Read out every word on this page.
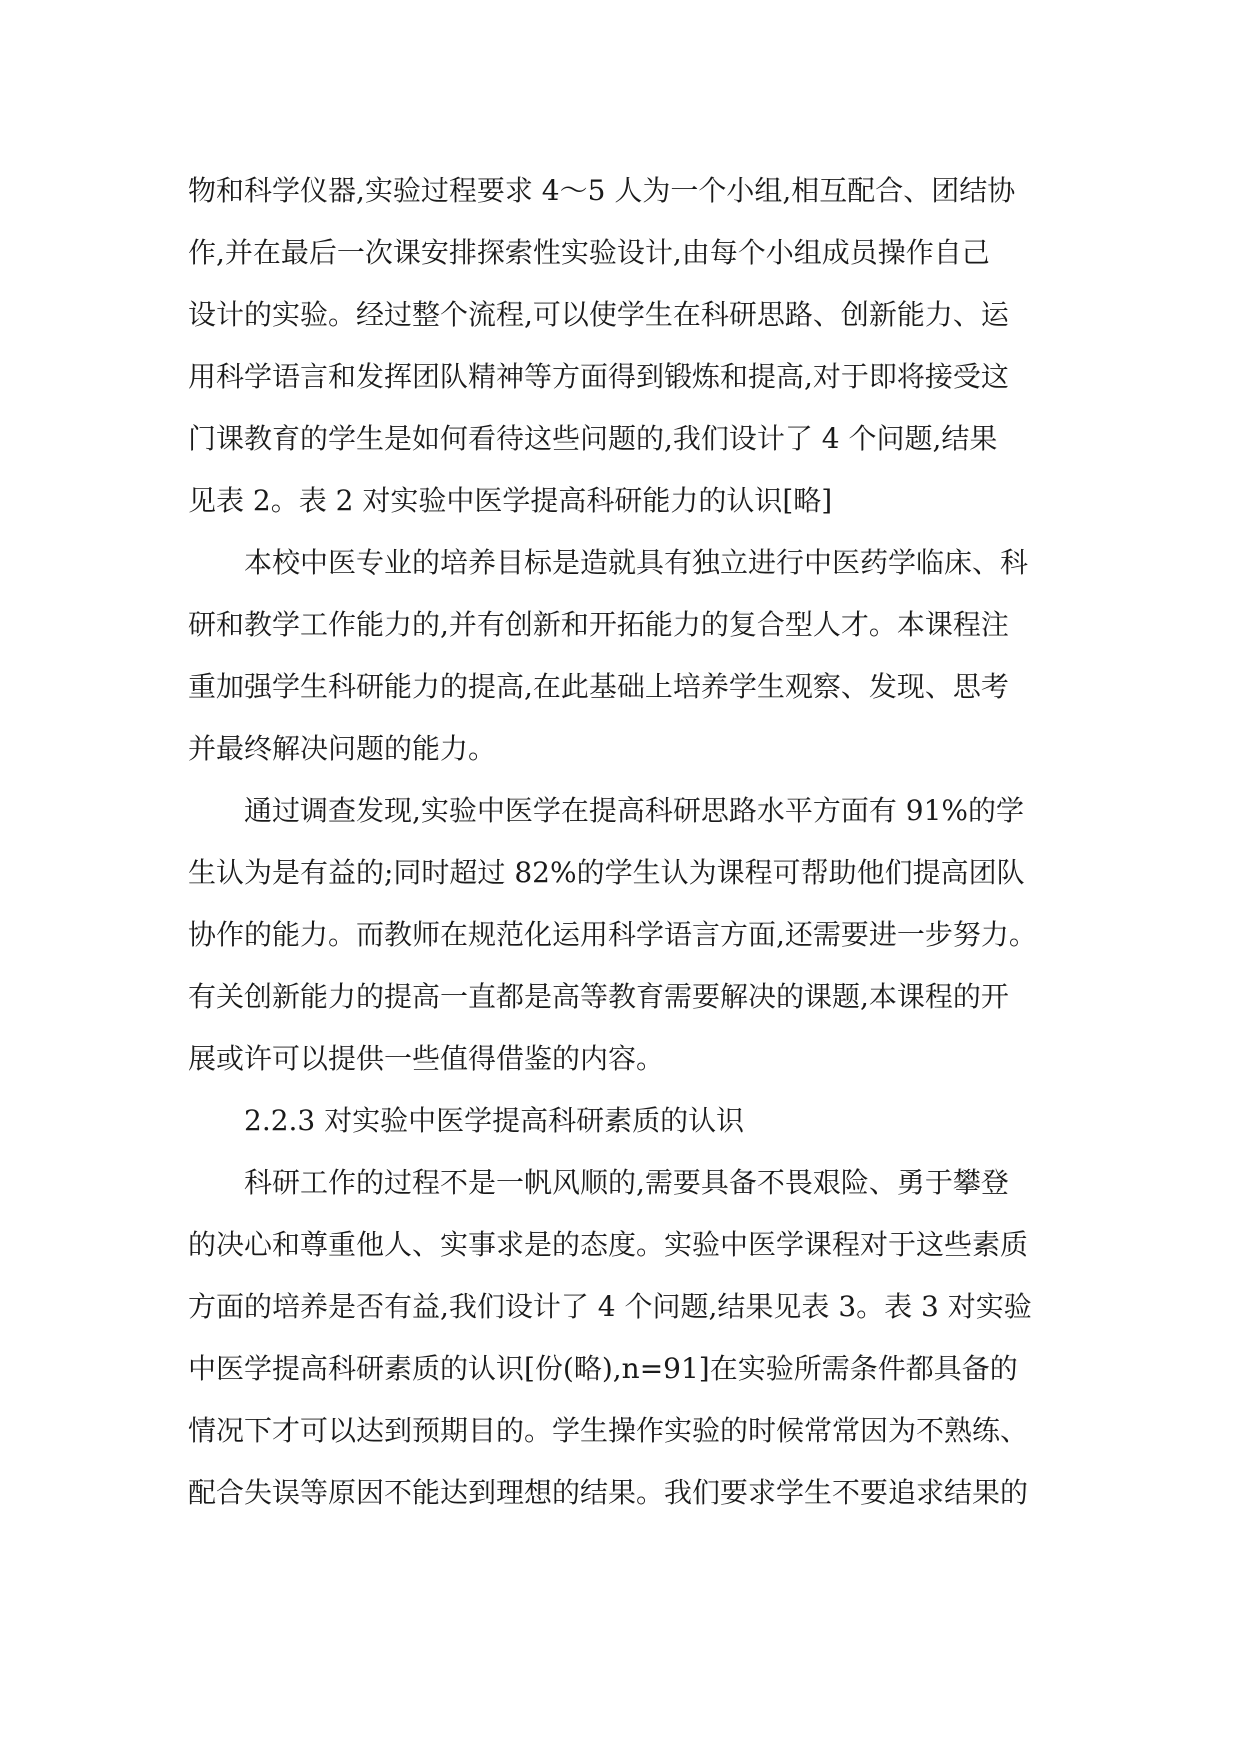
物和科学仪器,实验过程要求 4～5 人为一个小组,相互配合、团结协
作,并在最后一次课安排探索性实验设计,由每个小组成员操作自己
设计的实验。经过整个流程,可以使学生在科研思路、创新能力、运
用科学语言和发挥团队精神等方面得到锻炼和提高,对于即将接受这
门课教育的学生是如何看待这些问题的,我们设计了 4 个问题,结果
见表 2。表 2 对实验中医学提高科研能力的认识[略]
本校中医专业的培养目标是造就具有独立进行中医药学临床、科
研和教学工作能力的,并有创新和开拓能力的复合型人才。本课程注
重加强学生科研能力的提高,在此基础上培养学生观察、发现、思考
并最终解决问题的能力。
通过调查发现,实验中医学在提高科研思路水平方面有 91%的学
生认为是有益的;同时超过 82%的学生认为课程可帮助他们提高团队
协作的能力。而教师在规范化运用科学语言方面,还需要进一步努力。
有关创新能力的提高一直都是高等教育需要解决的课题,本课程的开
展或许可以提供一些值得借鉴的内容。
2.2.3 对实验中医学提高科研素质的认识
科研工作的过程不是一帆风顺的,需要具备不畏艰险、勇于攀登
的决心和尊重他人、实事求是的态度。实验中医学课程对于这些素质
方面的培养是否有益,我们设计了 4 个问题,结果见表 3。表 3 对实验
中医学提高科研素质的认识[份(略),n=91]在实验所需条件都具备的
情况下才可以达到预期目的。学生操作实验的时候常常因为不熟练、
配合失误等原因不能达到理想的结果。我们要求学生不要追求结果的
